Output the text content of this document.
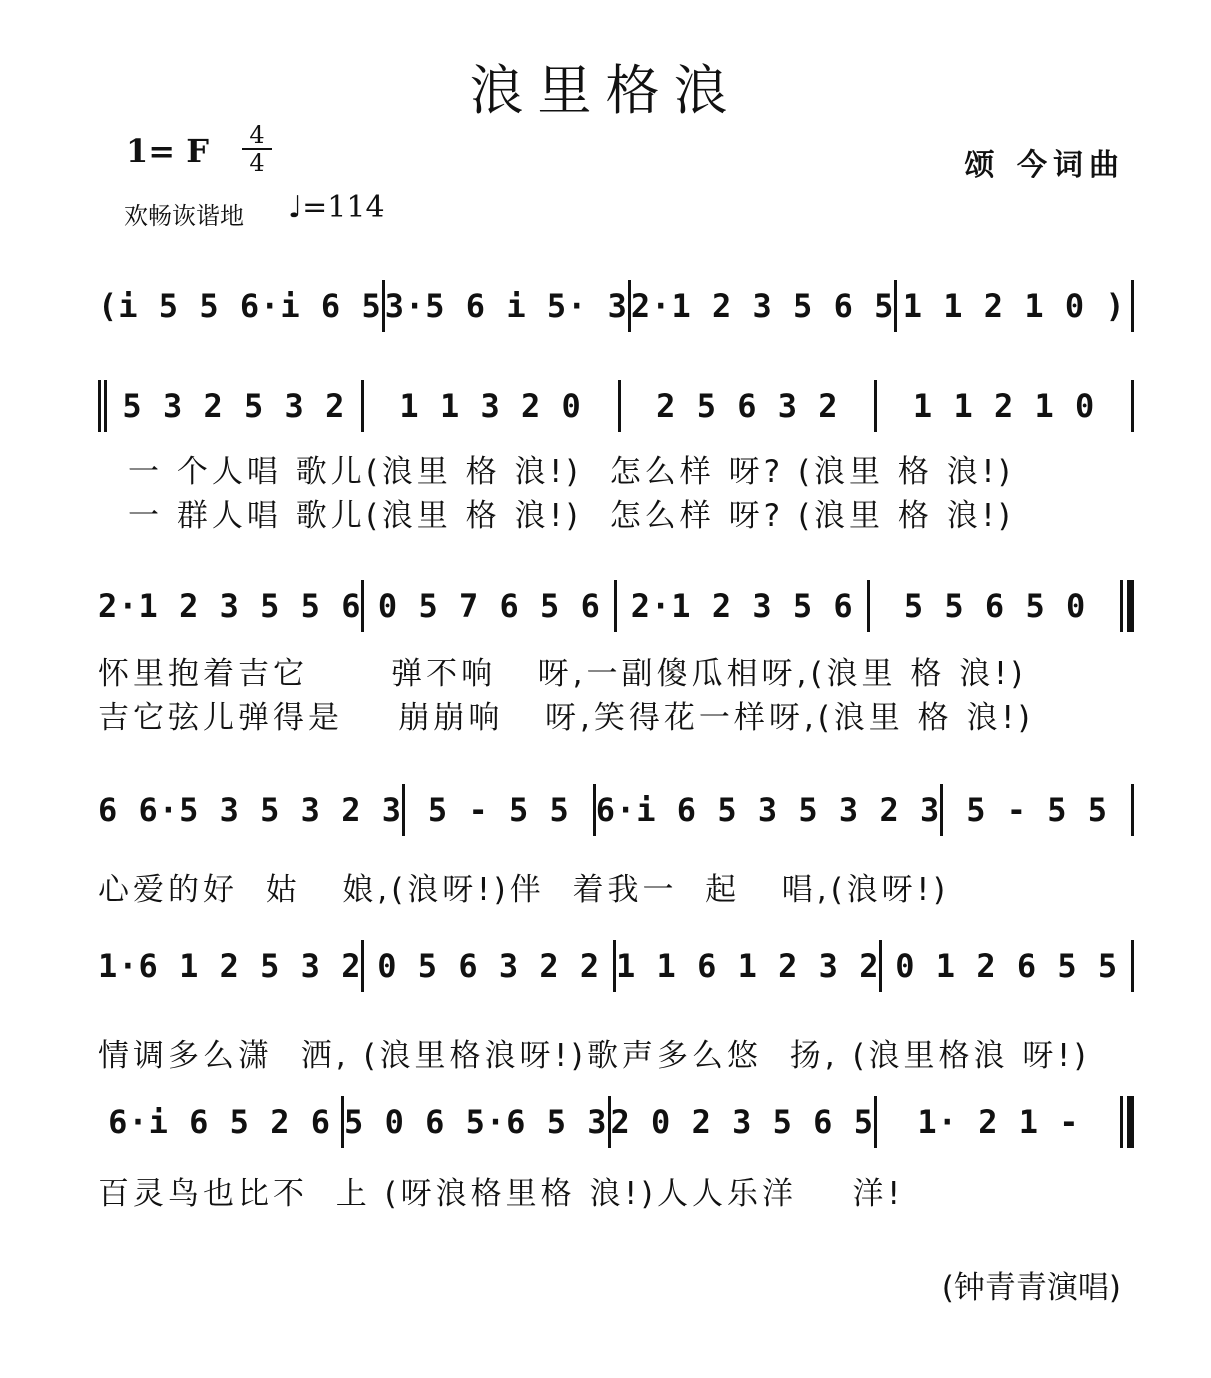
浪里格浪
1= F	4
4	颂 今词曲
欢畅诙谐地 ♩=114
(i 5 5 6·i 6 5 3·5 6 i 5· 3 2·1 2 3 5 6 5 1 1 2 1 0 )
5 3 2 5 3 2	1 1 3 2 0	2 5 6 3 2	1 1 2 1 0
一 个人唱 歌儿(浪里 格 浪!)  怎么样 呀? (浪里 格 浪!)
一 群人唱 歌儿(浪里 格 浪!)  怎么样 呀? (浪里 格 浪!)
2·1 2 3 5 5 6 0 5 7 6 5 6 2·1 2 3 5 6	5 5 6 5 0
怀里抱着吉它      弹不响   呀,一副傻瓜相呀,(浪里 格 浪!)
吉它弦儿弹得是    崩崩响   呀,笑得花一样呀,(浪里 格 浪!)
6 6·5 3 5 3 2 3 5 - 5 5 6·i 6 5 3 5 3 2 3 5 - 5 5
心爱的好  姑   娘,(浪呀!)伴  着我一  起   唱,(浪呀!)
1·6 1 2 5 3 2 0 5 6 3 2 2 1 1 6 1 2 3 2 0 1 2 6 5 5
情调多么潇  洒, (浪里格浪呀!)歌声多么悠  扬, (浪里格浪 呀!)
6·i 6 5 2 6 5 0 6 5·6 5 3 2 0 2 3 5 6 5	1· 2 1 -
百灵鸟也比不  上 (呀浪格里格 浪!)人人乐洋    洋!
(钟青青演唱)
